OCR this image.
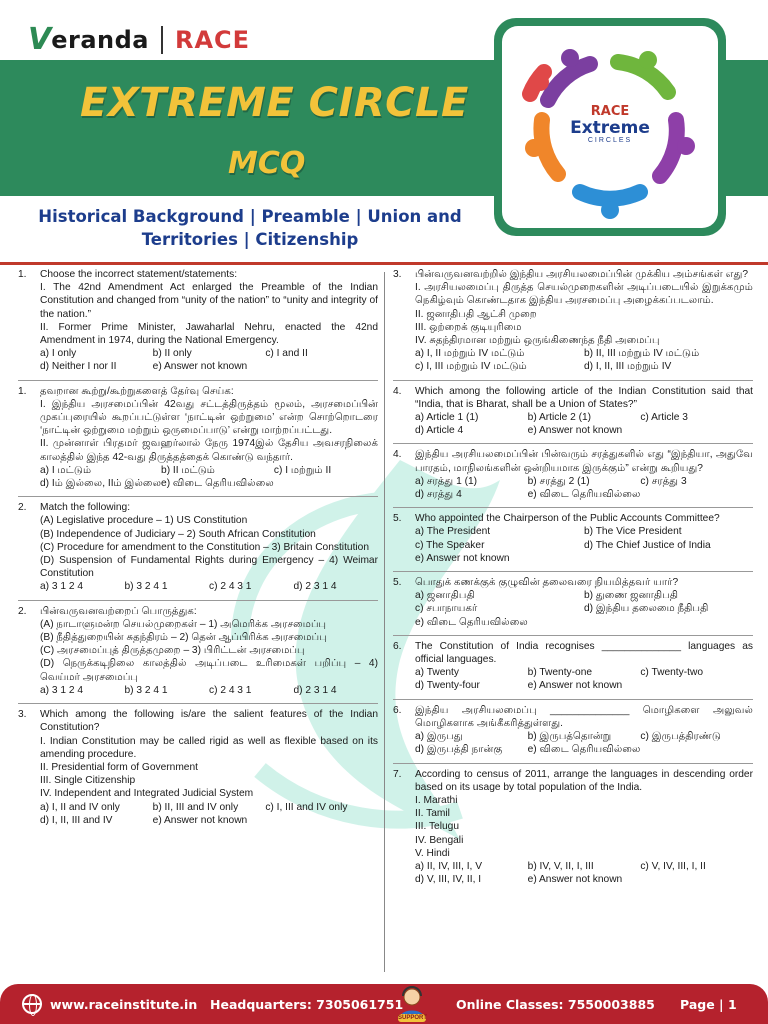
V eranda RACE
EXTREME CIRCLE
MCQ
Historical Background | Preamble | Union and Territories | Citizenship
RACE
Extreme
CIRCLES
1.	Choose the incorrect statement/statements:
I. The 42nd Amendment Act enlarged the Preamble of the Indian Constitution and changed from “unity of the nation” to “unity and integrity of the nation.”
II. Former Prime Minister, Jawaharlal Nehru, enacted the 42nd Amendment in 1974, during the National Emergency.
a) I only	b) II only	c) I and II
d) Neither I nor II	e) Answer not known
1.	தவறான கூற்று/கூற்றுகளைத் தேர்வு செய்க:
I. இந்திய அரசமைப்பின் 42வது சட்டத்திருத்தம் மூலம், அரசமைப்பின் முகப்புரையில் கூறப்பட்டுள்ள ‘நாட்டின் ஒற்றுமை’ என்ற சொற்றொடரை ‘நாட்டின் ஒற்றுமை மற்றும் ஒருமைப்பாடு’ என்று மாற்றப்பட்டது.
II. முன்னாள் பிரதமர் ஜவஹர்லால் நேரு 1974இல் தேசிய அவசரநிலைக் காலத்தில் இந்த 42-வது திருத்தத்தைக் கொண்டு வந்தார்.
a) I மட்டும்	b) II மட்டும்	c) I மற்றும் II
d) Iம் இல்லை, IIம் இல்லை e) விடை தெரியவில்லை
2.	Match the following:
(A) Legislative procedure – 1) US Constitution
(B) Independence of Judiciary – 2) South African Constitution
(C) Procedure for amendment to the Constitution – 3) Britain Constitution
(D) Suspension of Fundamental Rights during Emergency – 4) Weimar Constitution
a) 3 1 2 4	b) 3 2 4 1	c) 2 4 3 1	d) 2 3 1 4
2.	பின்வருவனவற்றைப் பொருத்துக:
(A) நாடாளுமன்ற செயல்முறைகள் – 1) அமெரிக்க அரசமைப்பு
(B) நீதித்துறையின் சுதந்திரம் – 2) தென் ஆப்பிரிக்க அரசமைப்பு
(C) அரசமைப்புத் திருத்தமுறை – 3) பிரிட்டன் அரசமைப்பு
(D) நெருக்கடிநிலை காலத்தில் அடிப்படை உரிமைகள் பறிப்பு – 4) வெய்மர் அரசமைப்பு
a) 3 1 2 4	b) 3 2 4 1	c) 2 4 3 1	d) 2 3 1 4
3.	Which among the following is/are the salient features of the Indian Constitution?
I. Indian Constitution may be called rigid as well as flexible based on its amending procedure.
II. Presidential form of Government
III. Single Citizenship
IV. Independent and Integrated Judicial System
a) I, II and IV only	b) II, III and IV only	c) I, III and IV only
d) I, II, III and IV	e) Answer not known
3.	பின்வருவனவற்றில் இந்திய அரசியலமைப்பின் முக்கிய அம்சங்கள் எது?
I. அரசியலமைப்பு திருத்த செயல்முறைகளின் அடிப்படையில் இறுக்கமும் நெகிழ்வும் கொண்டதாக இந்திய அரசமைப்பு அழைக்கப்படலாம்.
II. ஜனாதிபதி ஆட்சி முறை
III. ஒற்றைக் குடியுரிமை
IV. சுதந்திரமான மற்றும் ஒருங்கிணைந்த நீதி அமைப்பு
a) I, II மற்றும் IV மட்டும்	b) II, III மற்றும் IV மட்டும்
c) I, III மற்றும் IV மட்டும்	d) I, II, III மற்றும் IV
4.	Which among the following article of the Indian Constitution said that “India, that is Bharat, shall be a Union of States?”
a) Article 1 (1)	b) Article 2 (1)	c) Article 3
d) Article 4	e) Answer not known
4.	இந்திய அரசியலமைப்பின் பின்வரும் சரத்துகளில் எது “இந்தியா, அதுவே பாரதம், மாநிலங்களின் ஒன்றியமாக இருக்கும்” என்று கூறியது?
a) சரத்து 1 (1)	b) சரத்து 2 (1)	c) சரத்து 3
d) சரத்து 4	e) விடை தெரியவில்லை
5.	Who appointed the Chairperson of the Public Accounts Committee?
a) The President	b) The Vice President
c) The Speaker	d) The Chief Justice of India
e) Answer not known
5.	பொதுக் கணக்குக் குழுவின் தலைவரை நியமித்தவர் யார்?
a) ஜனாதிபதி	b) துணை ஜனாதிபதி
c) சபாநாயகர்	d) இந்திய தலைமை நீதிபதி
e) விடை தெரியவில்லை
6.	The Constitution of India recognises ______________ languages as official languages.
a) Twenty	b) Twenty-one	c) Twenty-two
d) Twenty-four	e) Answer not known
6.	இந்திய அரசியலமைப்பு ______________ மொழிகளை அலுவல் மொழிகளாக அங்கீகரித்துள்ளது.
a) இருபது	b) இருபத்தொன்று	c) இருபத்திரண்டு
d) இருபத்தி நான்கு	e) விடை தெரியவில்லை
7.	According to census of 2011, arrange the languages in descending order based on its usage by total population of the India.
I. Marathi
II. Tamil
III. Telugu
IV. Bengali
V. Hindi
a) II, IV, III, I, V	b) IV, V, II, I, III	c) V, IV, III, I, II
d) V, III, IV, II, I	e) Answer not known
www.raceinstitute.in Headquarters: 7305061751	Online Classes: 7550003885 Page | 1
SUPPORT
